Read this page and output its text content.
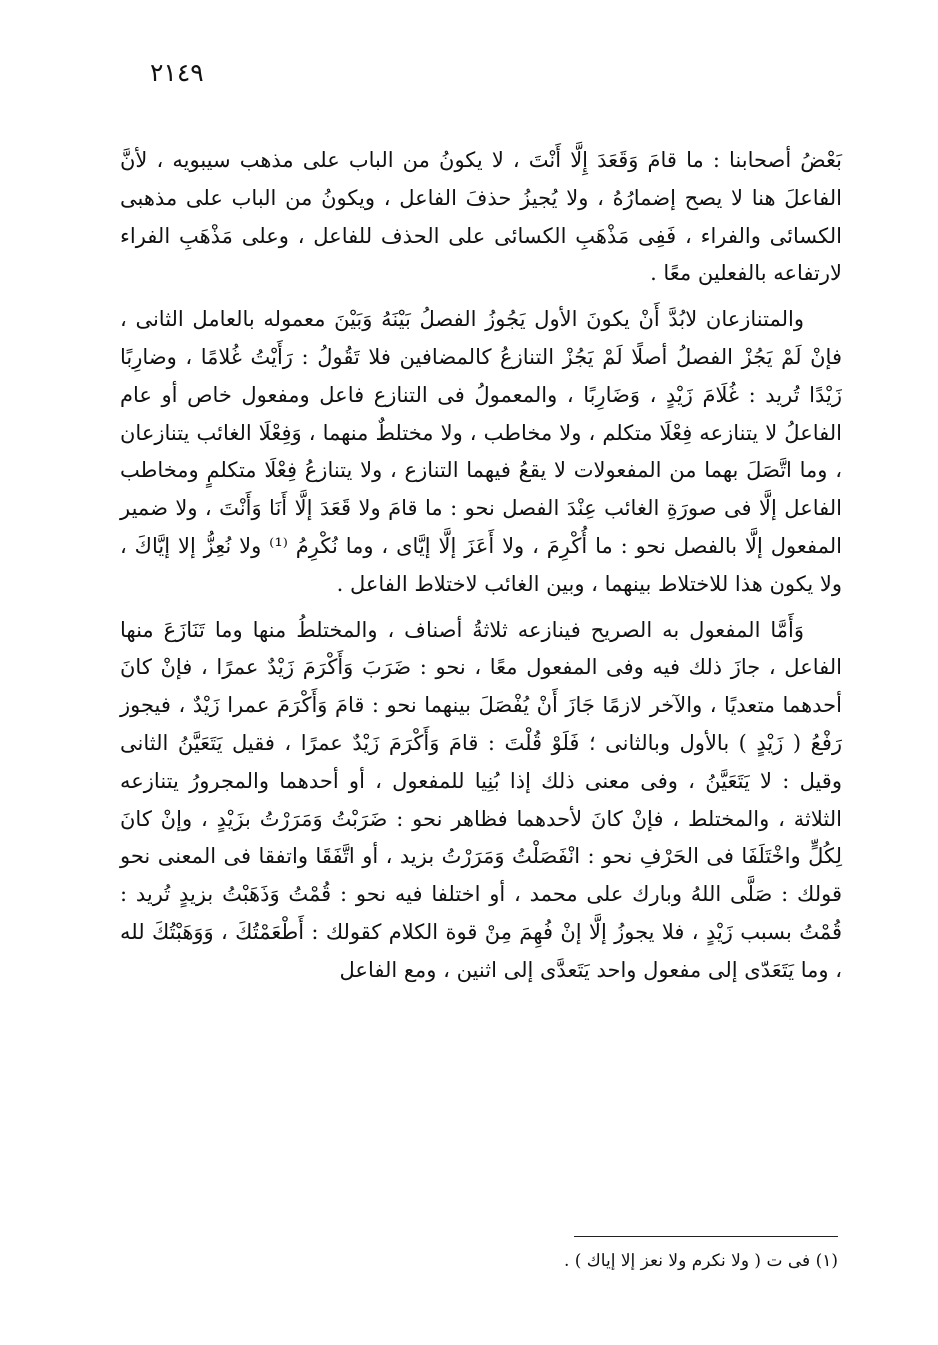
٢١٤٩

بَعْضُ أصحابنا : ما قامَ وَقَعَدَ إِلَّا أَنْتَ ، لا يكونُ من الباب على مذهب سيبويه ، لأنَّ الفاعلَ هنا لا يصح إضمارُهُ ، ولا يُجيزُ حذفَ الفاعل ، ويكونُ من الباب على مذهبى الكسائى والفراء ، فَفِى مَذْهَبِ الكسائى على الحذف للفاعل ، وعلى مَذْهَبِ الفراء لارتفاعه بالفعلين معًا .

والمتنازعان لابُدَّ أَنْ يكونَ الأول يَجُوزُ الفصلُ بَيْنَهُ وَبَيْنَ معموله بالعامل الثانى ، فإنْ لَمْ يَجُزْ الفصلُ أصلًا لَمْ يَجُزْ التنازعُ كالمضافين فلا تَقُولُ : رَأَيْتُ غُلامًا ، وضارِبًا زَيْدًا تُريد : غُلَامَ زَيْدٍ ، وَضَارِبًا ، والمعمولُ فى التنازع فاعل ومفعول خاص أو عام الفاعلُ لا يتنازعه فِعْلَا متكلم ، ولا مخاطب ، ولا مختلطٌ منهما ، وَفِعْلَا الغائب يتنازعان ، وما اتَّصَلَ بهما من المفعولات لا يقعُ فيهما التنازع ، ولا يتنازعُ فِعْلَا متكلمٍ ومخاطب الفاعل إلَّا فى صورَةِ الغائب عِنْدَ الفصل نحو : ما قامَ ولا قَعَدَ إلَّا أَنَا وَأَنْتَ ، ولا ضمير المفعول إلَّا بالفصل نحو : ما أُكْرِمَ ، ولا أَعَزَ إلَّا إيَّاى ، وما نُكْرِمُ ⁽¹⁾ ولا نُعِزُّ إلا إيَّاكَ ، ولا يكون هذا للاختلاط بينهما ، وبين الغائب لاختلاط الفاعل .

وَأَمَّا المفعول به الصريح فينازعه ثلاثةُ أصناف ، والمختلطُ منها وما تَنَازَعَ منها الفاعل ، جازَ ذلك فيه وفى المفعول معًا ، نحو : ضَرَبَ وَأَكْرَمَ زَيْدٌ عمرًا ، فإنْ كانَ أحدهما متعديًا ، والآخر لازمًا جَازَ أَنْ يُفْصَلَ بينهما نحو : قامَ وَأَكْرَمَ عمرا زَيْدٌ ، فيجوز رَفْعُ ( زَيْدٍ ) بالأول وبالثانى ؛ فَلَوْ قُلْتَ : قامَ وَأَكْرَمَ زَيْدٌ عمرًا ، فقيل يَتَعَيَّنُ الثانى وقيل : لا يَتَعَيَّنُ ، وفى معنى ذلك إذا بُنِيا للمفعول ، أو أحدهما والمجرورُ يتنازعه الثلاثة ، والمختلط ، فإنْ كانَ لأحدهما فظاهر نحو : ضَرَبْتُ وَمَرَرْتُ بزَيْدٍ ، وإنْ كانَ لِكُلٍّ واخْتَلَفَا فى الحَرْفِ نحو : انْفَصَلْتُ وَمَرَرْتُ بزيد ، أو اتَّفَقَا واتفقا فى المعنى نحو قولك : صَلَّى اللهُ وبارك على محمد ، أو اختلفا فيه نحو : قُمْتُ وَذَهَبْتُ بزيدٍ تُريد : قُمْتُ بسبب زَيْدٍ ، فلا يجوزُ إلَّا إنْ فُهِمَ مِنْ قوة الكلام كقولك : أَطْعَمْتُكَ ، وَوَهَبْتُكَ لله ، وما يَتَعَدّى إلى مفعول واحد يَتَعدَّى إلى اثنين ، ومع الفاعل

(١) فى ت ( ولا نكرم ولا نعز إلا إياك ) .
